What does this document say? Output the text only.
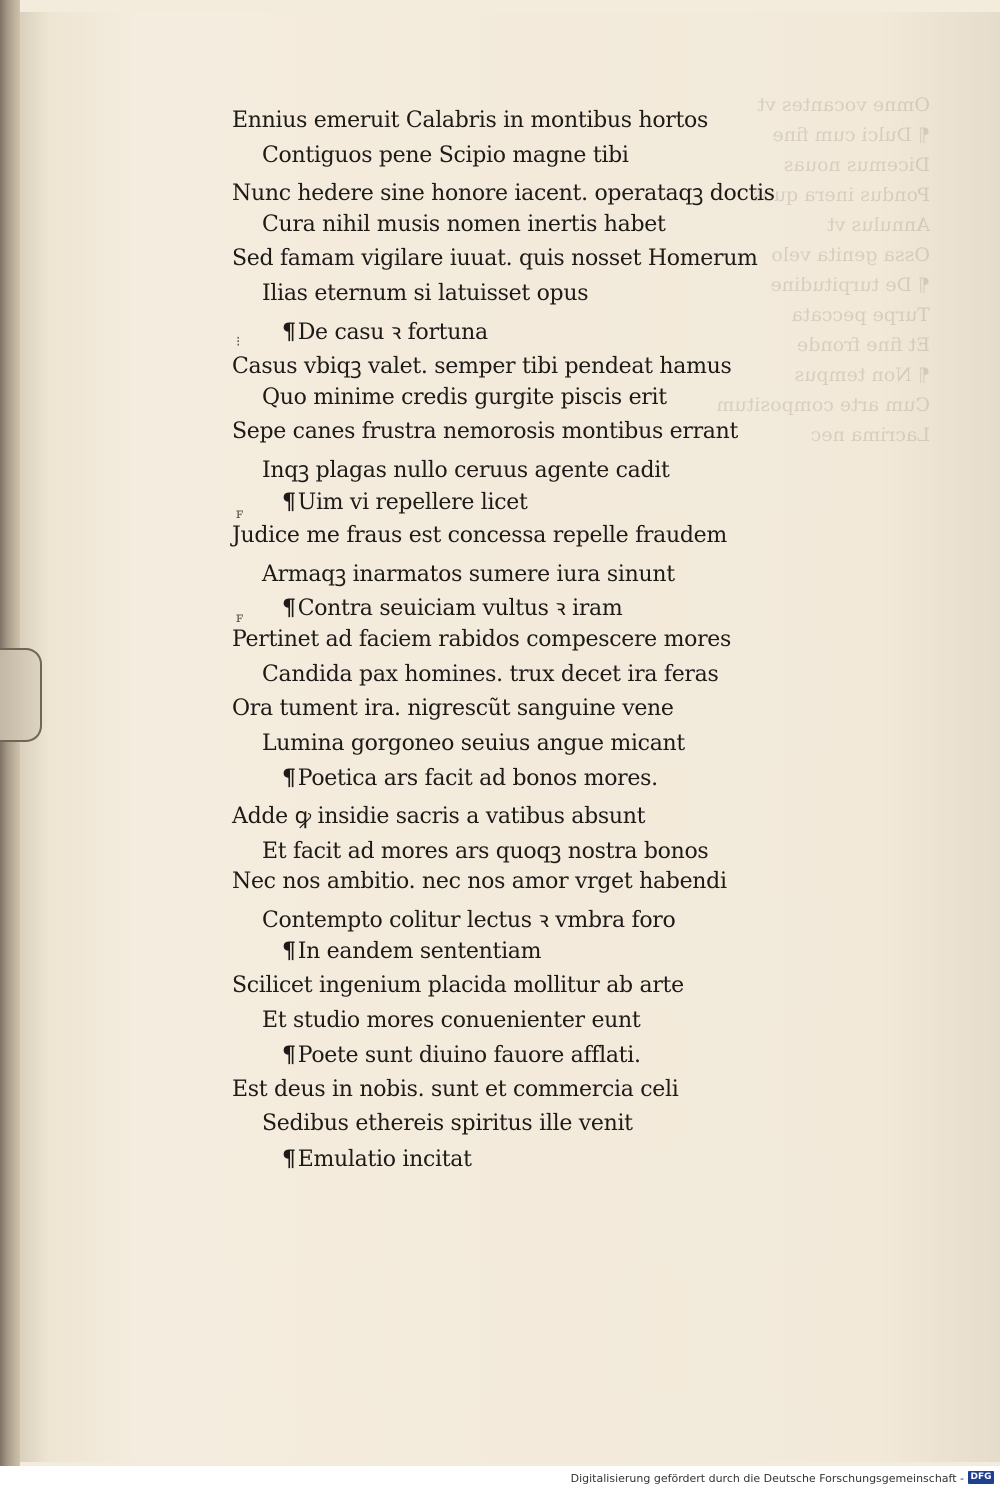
Omne vocantes vt
¶ Dulci cum fine
Dicemus nouas
Pondus inera quos
Annulus vt
Ossa genita velo
¶ De turpitudine
Turpe peccata
Et fine fronde
¶ Non tempus
Cum arte compositum
Lacrima nec
⁝
ꜰ
ꜰ
Ennius emeruit Calabris in montibus hortos
Contiguos pene Scipio magne tibi
Nunc hedere sine honore iacent. operataqꝫ doctis
Cura nihil musis nomen inertis habet
Sed famam vigilare iuuat. quis nosset Homerum
Ilias eternum si latuisset opus
¶De casu ꝛ fortuna
Casus vbiqꝫ valet. semper tibi pendeat hamus
Quo minime credis gurgite piscis erit
Sepe canes frustra nemorosis montibus errant
Inqꝫ plagas nullo ceruus agente cadit
¶Uim vi repellere licet
Judice me fraus est concessa repelle fraudem
Armaqꝫ inarmatos sumere iura sinunt
¶Contra seuiciam vultus ꝛ iram
Pertinet ad faciem rabidos compescere mores
Candida pax homines. trux decet ira feras
Ora tument ira. nigrescũt sanguine vene
Lumina gorgoneo seuius angue micant
¶Poetica ars facit ad bonos mores.
Adde ꝙ insidie sacris a vatibus absunt
Et facit ad mores ars quoqꝫ nostra bonos
Nec nos ambitio. nec nos amor vrget habendi
Contempto colitur lectus ꝛ vmbra foro
¶In eandem sententiam
Scilicet ingenium placida mollitur ab arte
Et studio mores conuenienter eunt
¶Poete sunt diuino fauore afflati.
Est deus in nobis. sunt et commercia celi
Sedibus ethereis spiritus ille venit
¶Emulatio incitat
Digitalisierung gefördert durch die Deutsche Forschungsgemeinschaft - DFG
